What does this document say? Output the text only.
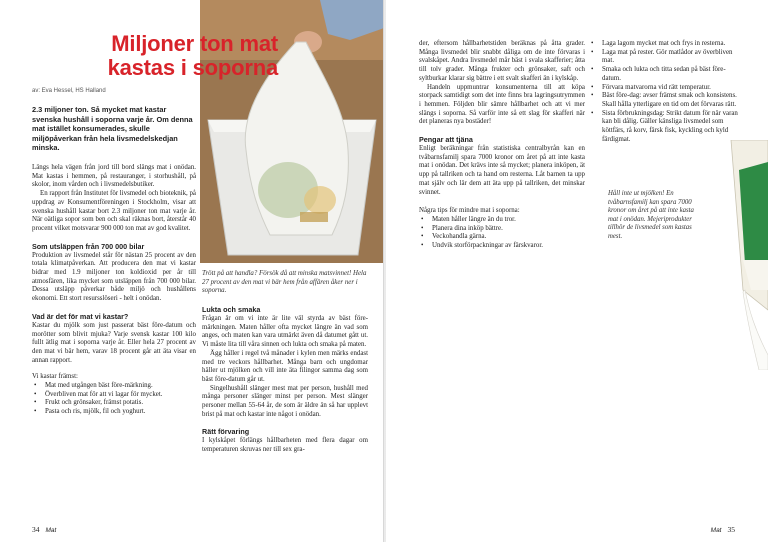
Miljoner ton mat
kastas i soporna
av: Eva Hessel, HS Halland
2.3 miljoner ton. Så mycket mat kastar svenska hushåll i soporna varje år. Om denna mat istället konsumerades, skulle miljöpåverkan från hela livsmedelskedjan minska.

Längs hela vägen från jord till bord slängs mat i onödan. Mat kastas i hemmen, på restauranger, i storhushåll, på skolor, inom vården och i livsmedelsbutiker.

En rapport från Institutet för livsmedel och bioteknik, på uppdrag av Konsumentföreningen i Stockholm, visar att svenska hushåll kastar bort 2.3 miljoner ton mat varje år. När oätliga sopor som ben och skal räknas bort, återstår 40 procent vilket motsvarar 900 000 ton mat av god kvalitet.

Som utsläppen från 700 000 bilar

Produktion av livsmedel står för nästan 25 procent av den totala klimatpåverkan. Att producera den mat vi kastar bidrar med 1.9 miljoner ton koldioxid per år till atmosfären, lika mycket som utsläppen från 700 000 bilar. Dessa utsläpp påverkar både miljö och hushållens ekonomi. Ett stort resursslöseri - helt i onödan.

Vad är det för mat vi kastar?

Kastar du mjölk som just passerat bäst före-datum och morötter som blivit mjuka? Varje svensk kastar 100 kilo fullt ätlig mat i soporna varje år. Eller hela 27 procent av den mat vi bär hem, varav 18 procent går att äta visar en annan rapport.

Vi kastar främst:

• Mat med utgången bäst före-märkning.
• Överbliven mat för att vi lagar för mycket.
• Frukt och grönsaker, främst potatis.
• Pasta och ris, mjölk, fil och yoghurt.
Trött på att handla? Försök då att minska matsvinnet! Hela 27 procent av den mat vi bär hem från affären åker ner i soporna.
Lukta och smaka

Frågan är om vi inte är lite väl styrda av bäst före-märkningen. Maten håller ofta mycket längre än vad som anges, och maten kan vara utmärkt även då datumet gått ut. Vi måste lita till våra sinnen och lukta och smaka på maten.

Ägg håller i regel två månader i kylen men märks endast med tre veckors hållbarhet. Många barn och ungdomar häller ut mjölken och vill inte äta filingor samma dag som bäst före-datum går ut.

Singelhushåll slänger mest mat per person, hushåll med många personer slänger minst per person. Mest slänger personer mellan 55-64 år, de som är äldre än så har upplevt brist på mat och kastar inte något i onödan.

Rätt förvaring

I kylskåpet förlängs hållbarheten med flera dagar om temperaturen skruvas ner till sex gra-

34 Mat

der, eftersom hållbarhetstiden beräknas på åtta grader. Många livsmedel blir snabbt dåliga om de inte förvaras i svalskåpet. Andra livsmedel mår bäst i svala skafferier; åtta till tolv grader. Många frukter och grönsaker, saft och syltburkar klarar sig bättre i ett svalt skafferi än i kylskåp.

Handeln uppmuntrar konsumenterna till att köpa storpack samtidigt som det inte finns bra lagringsutrymmen i hemmen. Följden blir sämre hållbarhet och att vi mer slängs i soporna. Så varför inte så ett slag för skafferi när det planeras nya bostäder!

Pengar att tjäna

Enligt beräkningar från statistiska centralbyrån kan en tvåbarnsfamilj spara 7000 kronor om året på att inte kasta mat i onödan. Det krävs inte så mycket; planera inköpen, ät upp på tallriken och ta hand om resterna. Låt barnen ta upp mat själv och lär dem att äta upp på tallriken, det minskar svinnet.

Några tips för mindre mat i soporna:

• Maten håller längre än du tror.
• Planera dina inköp bättre.
• Veckohandla gärna.
• Undvik storförpackningar av färskvaror.
• Laga lagom mycket mat och frys in resterna.
• Laga mat på rester. Gör matlådor av överbliven mat.
• Smaka och lukta och titta sedan på bäst före-datum.
• Förvara matvarorna vid rätt temperatur.
• Bäst före-dag: avser främst smak och konsistens. Skall hålla ytterligare en tid om det förvaras rätt.
• Sista förbrukningsdag: Strikt datum för när varan kan bli dålig. Gäller känsliga livsmedel som köttfärs, rå korv, färsk fisk, kyckling och kyld färdigmat.
Håll inte ut mjölken! En tvåbarnsfamilj kan spara 7000 kronor om året på att inte kasta mat i onödan. Mejeriprodukter tillhör de livsmedel som kastas mest.
Mat 35
